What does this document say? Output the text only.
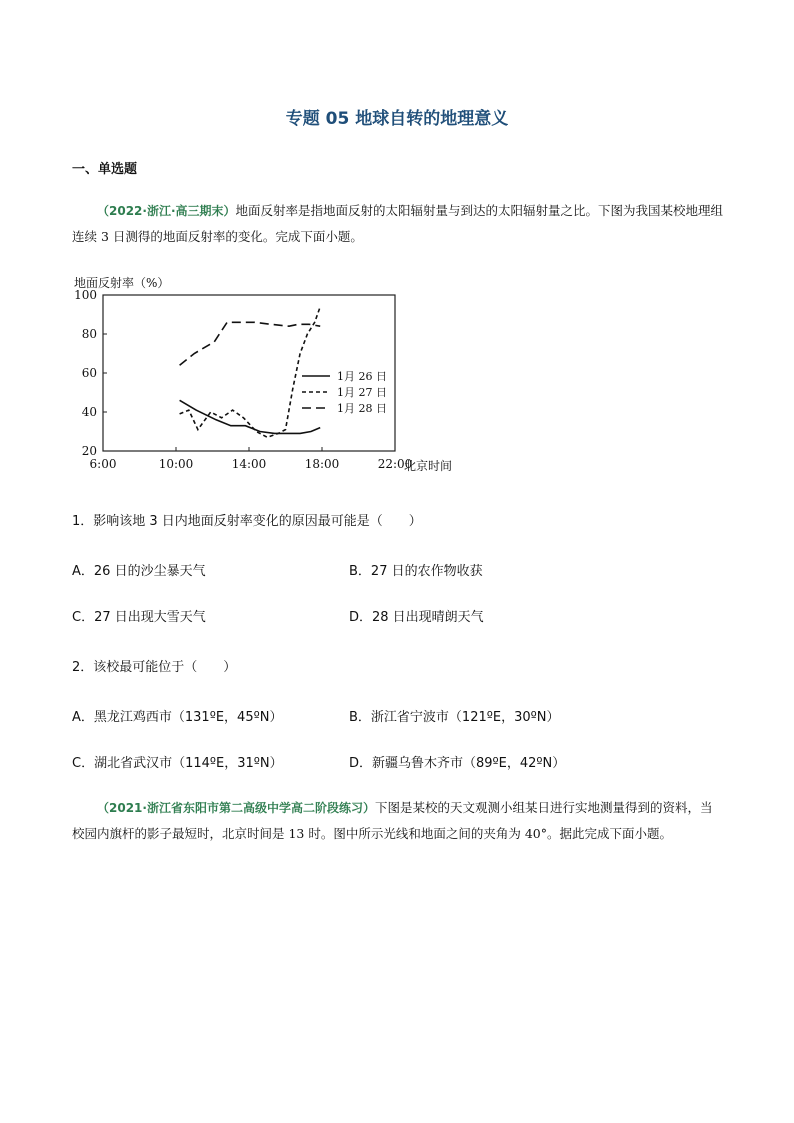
专题 05 地球自转的地理意义
一、单选题
（2022·浙江·高三期末）地面反射率是指地面反射的太阳辐射量与到达的太阳辐射量之比。下图为我国某校地理组连续 3 日测得的地面反射率的变化。完成下面小题。
地面反射率（%）
6:00	10:00	14:00	18:00	22:00
20
40
60
80
100
1月 26 日
1月 27 日
1月 28 日
北京时间
1．影响该地 3 日内地面反射率变化的原因最可能是（　　）
A．26 日的沙尘暴天气	B．27 日的农作物收获
C．27 日出现大雪天气	D．28 日出现晴朗天气
2．该校最可能位于（　　）
A．黑龙江鸡西市（131ºE，45ºN）	B．浙江省宁波市（121ºE，30ºN）
C．湖北省武汉市（114ºE，31ºN）	D．新疆乌鲁木齐市（89ºE，42ºN）
（2021·浙江省东阳市第二高级中学高二阶段练习）下图是某校的天文观测小组某日进行实地测量得到的资料，当校园内旗杆的影子最短时，北京时间是 13 时。图中所示光线和地面之间的夹角为 40°。据此完成下面小题。
